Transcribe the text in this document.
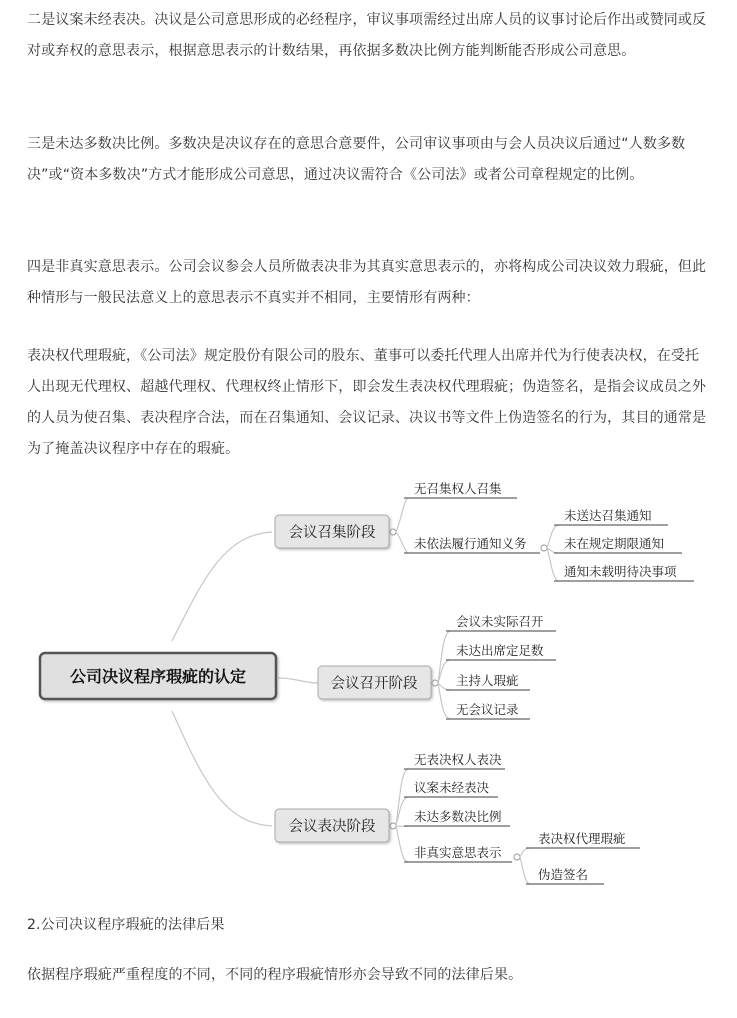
二是议案未经表决。决议是公司意思形成的必经程序，审议事项需经过出席人员的议事讨论后作出或赞同或反对或弃权的意思表示，根据意思表示的计数结果，再依据多数决比例方能判断能否形成公司意思。

三是未达多数决比例。多数决是决议存在的意思合意要件，公司审议事项由与会人员决议后通过“人数多数决”或“资本多数决”方式才能形成公司意思，通过决议需符合《公司法》或者公司章程规定的比例。

四是非真实意思表示。公司会议参会人员所做表决非为其真实意思表示的，亦将构成公司决议效力瑕疵，但此种情形与一般民法意义上的意思表示不真实并不相同，主要情形有两种：

表决权代理瑕疵，《公司法》规定股份有限公司的股东、董事可以委托代理人出席并代为行使表决权，在受托人出现无代理权、超越代理权、代理权终止情形下，即会发生表决权代理瑕疵；伪造签名，是指会议成员之外的人员为使召集、表决程序合法，而在召集通知、会议记录、决议书等文件上伪造签名的行为，其目的通常是为了掩盖决议程序中存在的瑕疵。

无召集权人召集
未依法履行通知义务
未送达召集通知
未在规定期限通知
通知未载明待决事项
会议未实际召开
未达出席定足数
主持人瑕疵
无会议记录
无表决权人表决
议案未经表决
未达多数决比例
非真实意思表示
表决权代理瑕疵
伪造签名
会议召集阶段
会议召开阶段
会议表决阶段
公司决议程序瑕疵的认定

2.公司决议程序瑕疵的法律后果

依据程序瑕疵严重程度的不同，不同的程序瑕疵情形亦会导致不同的法律后果。
